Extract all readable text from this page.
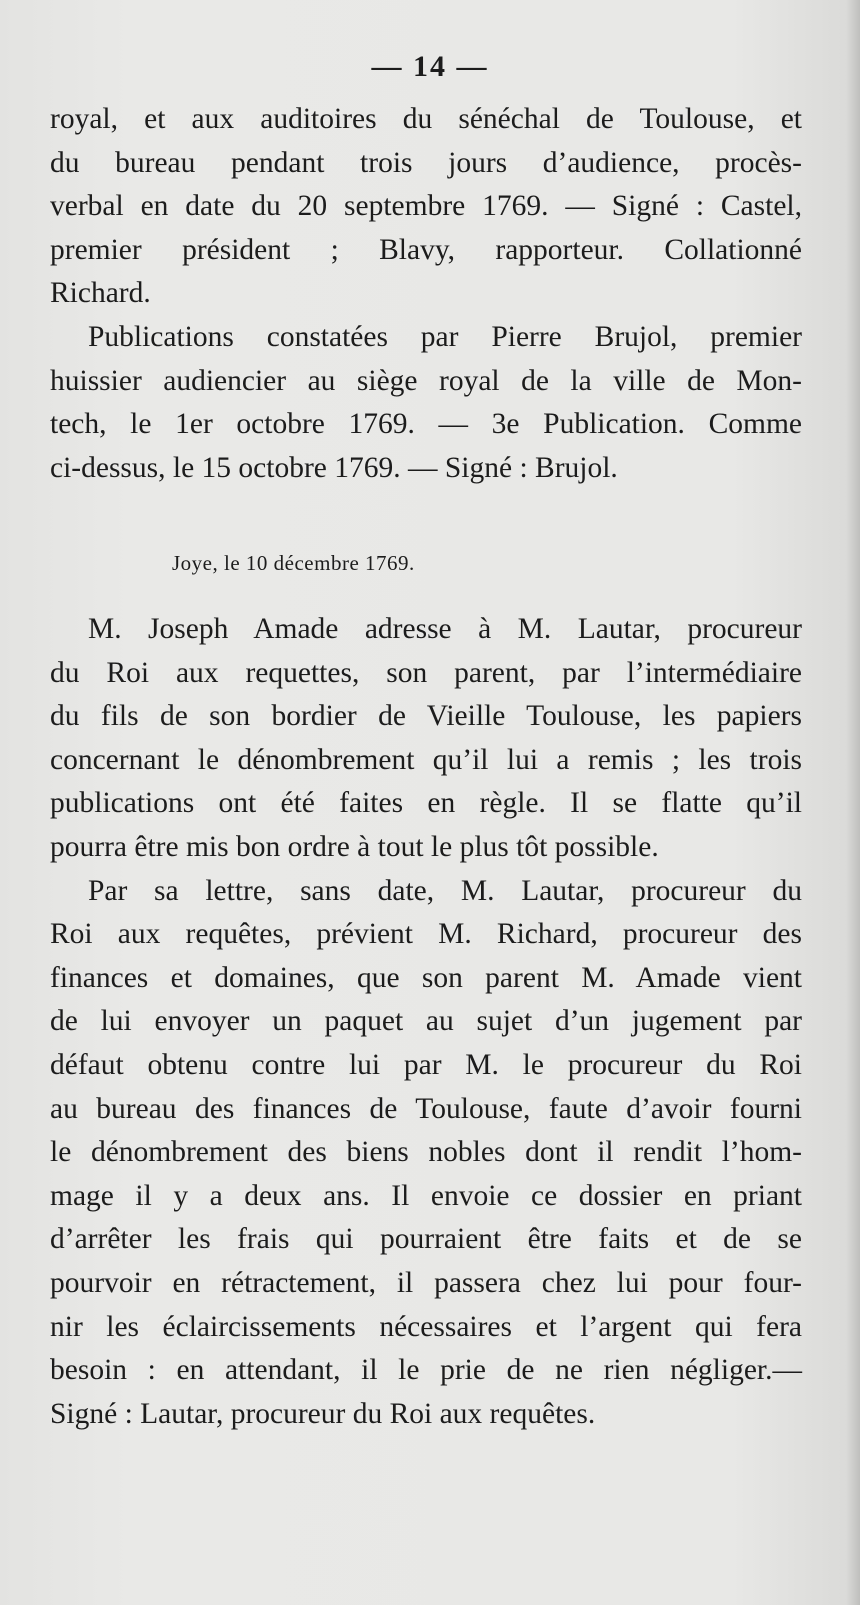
— 14 —
royal, et aux auditoires du sénéchal de Toulouse, et
du bureau pendant trois jours d’audience, procès-
verbal en date du 20 septembre 1769. — Signé : Castel,
premier président ; Blavy, rapporteur. Collationné
Richard.
Publications constatées par Pierre Brujol, premier
huissier audiencier au siège royal de la ville de Mon-
tech, le 1er octobre 1769. — 3e Publication. Comme
ci-dessus, le 15 octobre 1769. — Signé : Brujol.
Joye, le 10 décembre 1769.
M. Joseph Amade adresse à M. Lautar, procureur
du Roi aux requettes, son parent, par l’intermédiaire
du fils de son bordier de Vieille Toulouse, les papiers
concernant le dénombrement qu’il lui a remis ; les trois
publications ont été faites en règle. Il se flatte qu’il
pourra être mis bon ordre à tout le plus tôt possible.
Par sa lettre, sans date, M. Lautar, procureur du
Roi aux requêtes, prévient M. Richard, procureur des
finances et domaines, que son parent M. Amade vient
de lui envoyer un paquet au sujet d’un jugement par
défaut obtenu contre lui par M. le procureur du Roi
au bureau des finances de Toulouse, faute d’avoir fourni
le dénombrement des biens nobles dont il rendit l’hom-
mage il y a deux ans. Il envoie ce dossier en priant
d’arrêter les frais qui pourraient être faits et de se
pourvoir en rétractement, il passera chez lui pour four-
nir les éclaircissements nécessaires et l’argent qui fera
besoin : en attendant, il le prie de ne rien négliger.—
Signé : Lautar, procureur du Roi aux requêtes.
